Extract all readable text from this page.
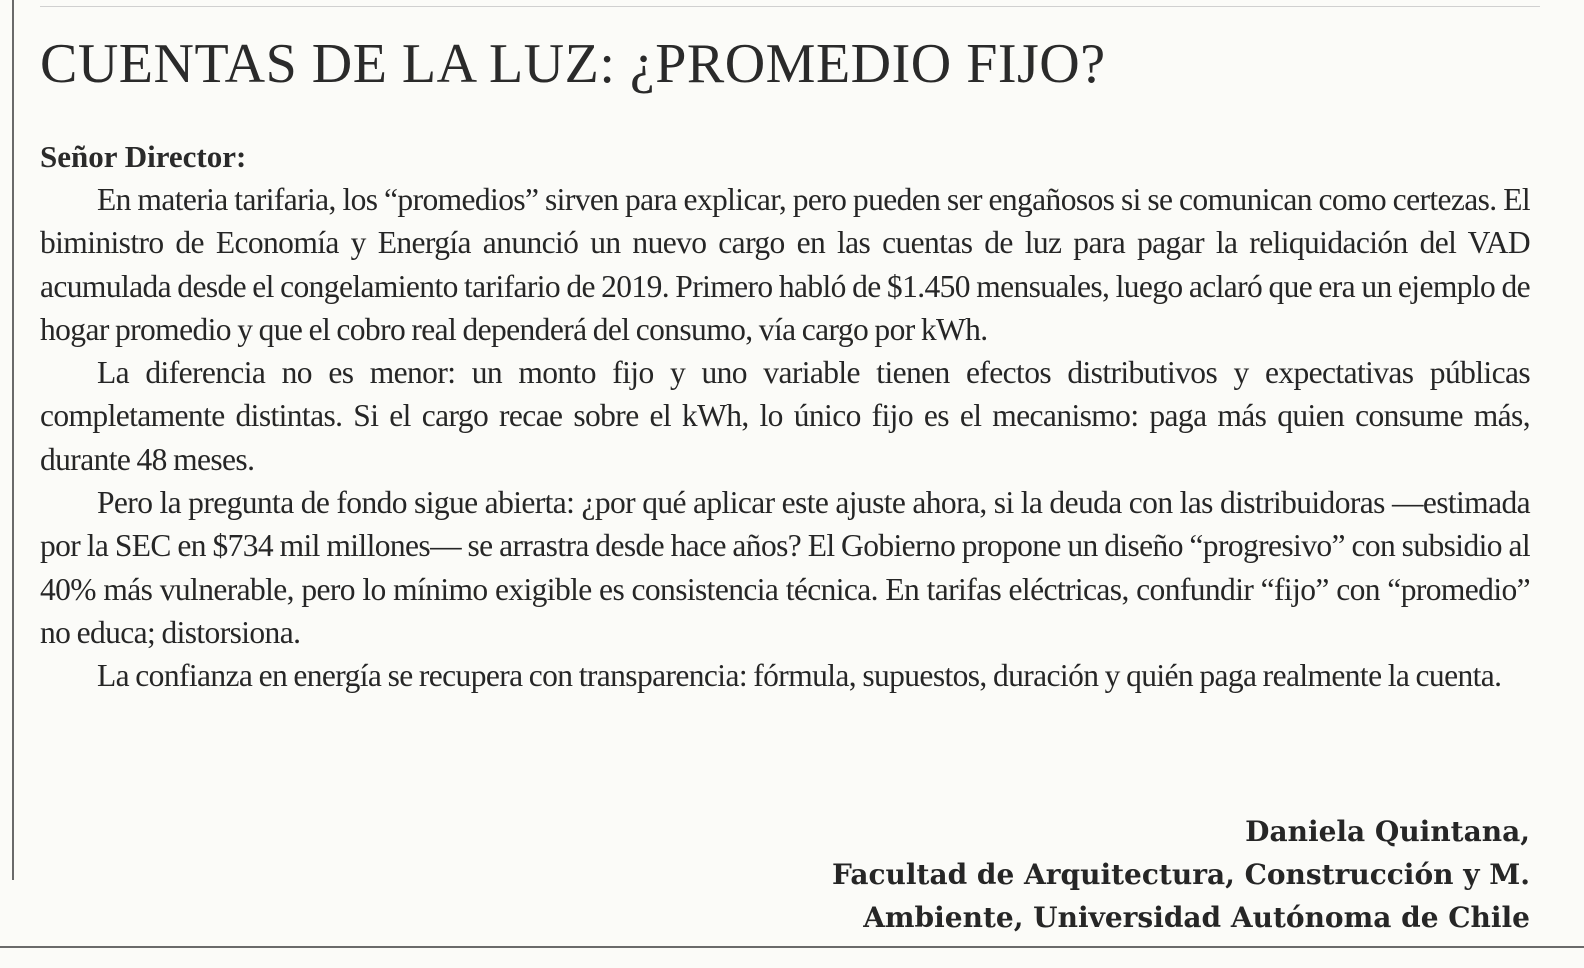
CUENTAS DE LA LUZ: ¿PROMEDIO FIJO?
Señor Director:

En materia tarifaria, los “promedios” sirven para explicar, pero pueden ser engañosos si se comunican como certezas. El biministro de Economía y Energía anunció un nuevo cargo en las cuentas de luz para pagar la reliquidación del VAD acumulada desde el congelamiento tarifario de 2019. Primero habló de $1.450 mensuales, luego aclaró que era un ejemplo de hogar promedio y que el cobro real dependerá del consumo, vía cargo por kWh.

La diferencia no es menor: un monto fijo y uno variable tienen efectos distributivos y expectativas públicas completamente distintas. Si el cargo recae sobre el kWh, lo único fijo es el mecanismo: paga más quien consume más, durante 48 meses.

Pero la pregunta de fondo sigue abierta: ¿por qué aplicar este ajuste ahora, si la deuda con las distribuidoras —estimada por la SEC en $734 mil millones— se arrastra desde hace años? El Gobierno propone un diseño “progresivo” con subsidio al 40% más vulnerable, pero lo mínimo exigible es consistencia técnica. En tarifas eléctricas, confundir “fijo” con “promedio” no educa; distorsiona.

La confianza en energía se recupera con transparencia: fórmula, supuestos, duración y quién paga realmente la cuenta.

Daniela Quintana,
Facultad de Arquitectura, Construcción y M.
Ambiente, Universidad Autónoma de Chile
